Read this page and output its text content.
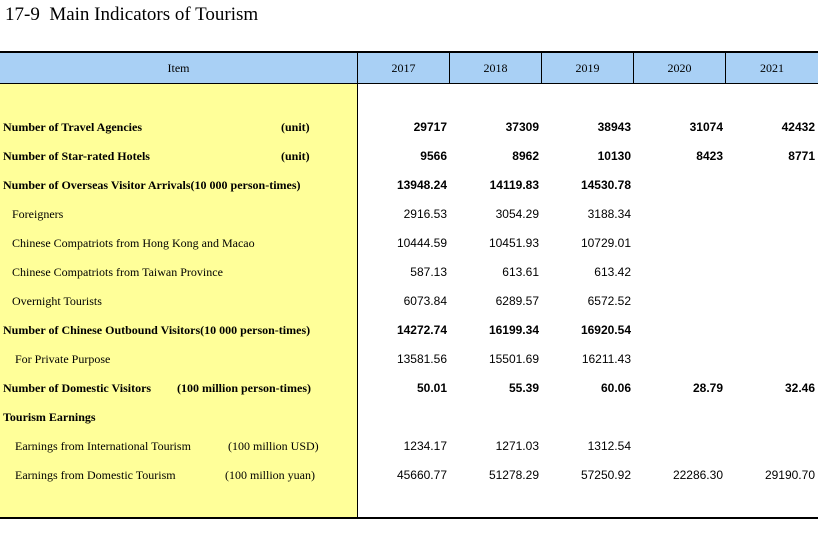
17-9  Main Indicators of Tourism
Item	2017	2018	2019	2020	2021
Number of Travel Agencies	(unit)	29717	37309	38943	31074	42432
Number of Star-rated Hotels	(unit)	9566	8962	10130	8423	8771
Number of Overseas Visitor Arrivals(10 000 person-times)	13948.24	14119.83	14530.78
Foreigners	2916.53	3054.29	3188.34
Chinese Compatriots from Hong Kong and Macao	10444.59	10451.93	10729.01
Chinese Compatriots from Taiwan Province	587.13	613.61	613.42
Overnight Tourists	6073.84	6289.57	6572.52
Number of Chinese Outbound Visitors(10 000 person-times)	14272.74	16199.34	16920.54
For Private Purpose	13581.56	15501.69	16211.43
Number of Domestic Visitors (100 million person-times)	50.01	55.39	60.06	28.79	32.46
Tourism Earnings
Earnings from International Tourism	(100 million USD)	1234.17	1271.03	1312.54
Earnings from Domestic Tourism	(100 million yuan)	45660.77	51278.29	57250.92	22286.30	29190.70
